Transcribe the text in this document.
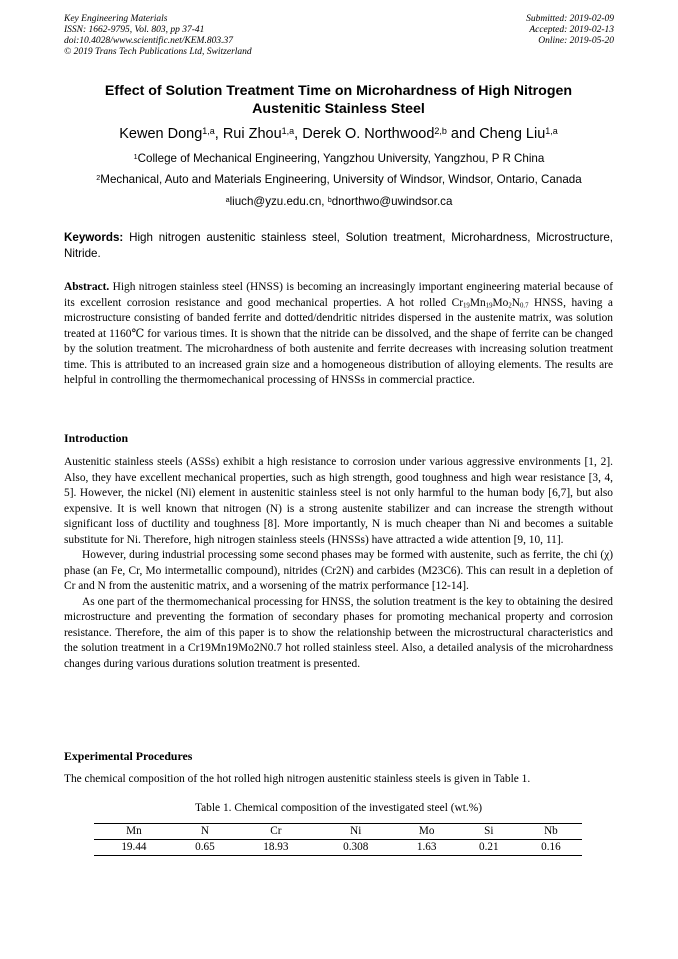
Key Engineering Materials
ISSN: 1662-9795, Vol. 803, pp 37-41
doi:10.4028/www.scientific.net/KEM.803.37
© 2019 Trans Tech Publications Ltd, Switzerland
Submitted: 2019-02-09
Accepted: 2019-02-13
Online: 2019-05-20
Effect of Solution Treatment Time on Microhardness of High Nitrogen
Austenitic Stainless Steel
Kewen Dong$^{1,a}$, Rui Zhou$^{1,a}$, Derek O. Northwood$^{2,b}$ and Cheng Liu$^{1,a}$
$^1$College of Mechanical Engineering, Yangzhou University, Yangzhou, P R China
$^2$Mechanical, Auto and Materials Engineering, University of Windsor, Windsor, Ontario, Canada
$^a$liuch@yzu.edu.cn, $^b$dnorthwo@uwindsor.ca
Keywords: High nitrogen austenitic stainless steel, Solution treatment, Microhardness, Microstructure, Nitride.
Abstract. High nitrogen stainless steel (HNSS) is becoming an increasingly important engineering material because of its excellent corrosion resistance and good mechanical properties. A hot rolled $Cr_{19}Mn_{19}Mo_2N_{0.7}$ HNSS, having a microstructure consisting of banded ferrite and dotted/dendritic nitrides dispersed in the austenite matrix, was solution treated at 1160℃ for various times. It is shown that the nitride can be dissolved, and the shape of ferrite can be changed by the solution treatment. The microhardness of both austenite and ferrite decreases with increasing solution treatment time. This is attributed to an increased grain size and a homogeneous distribution of alloying elements. The results are helpful in controlling the thermomechanical processing of HNSSs in commercial practice.
Introduction

Austenitic stainless steels (ASSs) exhibit a high resistance to corrosion under various aggressive environments [1, 2]. Also, they have excellent mechanical properties, such as high strength, good toughness and high wear resistance [3, 4, 5]. However, the nickel (Ni) element in austenitic stainless steel is not only harmful to the human body [6,7], but also expensive. It is well known that nitrogen (N) is a strong austenite stabilizer and can increase the strength without significant loss of ductility and toughness [8]. More importantly, N is much cheaper than Ni and becomes a suitable substitute for Ni. Therefore, high nitrogen stainless steels (HNSSs) have attracted a wide attention [9, 10, 11].

However, during industrial processing some second phases may be formed with austenite, such as ferrite, the chi (χ) phase (an Fe, Cr, Mo intermetallic compound), nitrides (Cr2N) and carbides (M23C6). This can result in a depletion of Cr and N from the austenitic matrix, and a worsening of the matrix performance [12-14].

As one part of the thermomechanical processing for HNSS, the solution treatment is the key to obtaining the desired microstructure and preventing the formation of secondary phases for promoting mechanical property and corrosion resistance. Therefore, the aim of this paper is to show the relationship between the microstructural characteristics and the solution treatment in a Cr19Mn19Mo2N0.7 hot rolled stainless steel. Also, a detailed analysis of the microhardness changes during various durations solution treatment is presented.

Experimental Procedures
The chemical composition of the hot rolled high nitrogen austenitic stainless steels is given in Table 1.
Table 1. Chemical composition of the investigated steel (wt.%)
Mn	N	Cr	Ni	Mo	Si	Nb
19.44	0.65	18.93	0.308	1.63	0.21	0.16
